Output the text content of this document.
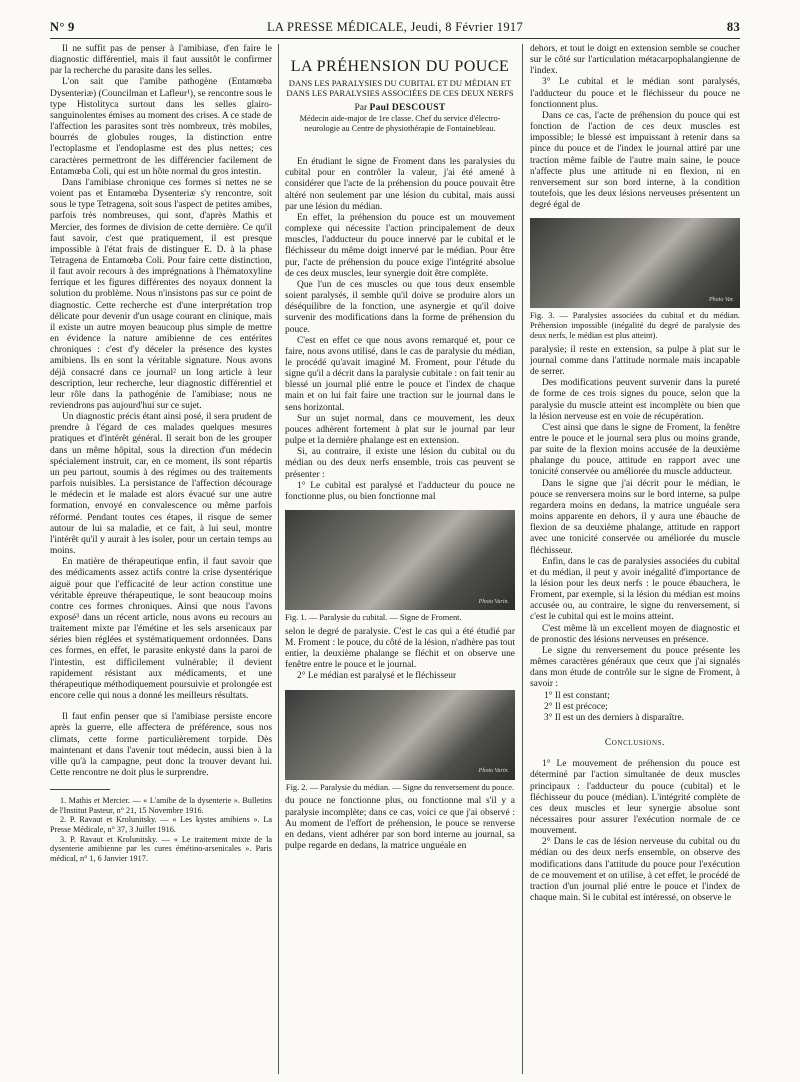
N° 9	LA PRESSE MÉDICALE, Jeudi, 8 Février 1917	83

Il ne suffit pas de penser à l'amibiase, d'en faire le diagnostic différentiel, mais il faut aussitôt le confirmer par la recherche du parasite dans les selles.

L'on sait que l'amibe pathogène (Entamœba Dysenteriæ) (Councilman et Lafleur¹), se rencontre sous le type Histolityca surtout dans les selles glairo-sanguinolentes émises au moment des crises. A ce stade de l'affection les parasites sont très nombreux, très mobiles, bourrés de globules rouges, la distinction entre l'ectoplasme et l'endoplasme est des plus nettes; ces caractères permettront de les différencier facilement de Entamœba Coli, qui est un hôte normal du gros intestin.

Dans l'amibiase chronique ces formes si nettes ne se voient pas et Entamœba Dysenteriæ s'y rencontre, soit sous le type Tetragena, soit sous l'aspect de petites amibes, parfois très nombreuses, qui sont, d'après Mathis et Mercier, des formes de division de cette dernière. Ce qu'il faut savoir, c'est que pratiquement, il est presque impossible à l'état frais de distinguer E. D. à la phase Tetragena de Entamœba Coli. Pour faire cette distinction, il faut avoir recours à des imprégnations à l'hématoxyline ferrique et les figures différentes des noyaux donnent la solution du problème. Nous n'insistons pas sur ce point de diagnostic. Cette recherche est d'une interprétation trop délicate pour devenir d'un usage courant en clinique, mais il existe un autre moyen beaucoup plus simple de mettre en évidence la nature amibienne de ces entérites chroniques : c'est d'y déceler la présence des kystes amibiens. Ils en sont la véritable signature. Nous avons déjà consacré dans ce journal² un long article à leur description, leur recherche, leur diagnostic différentiel et leur rôle dans la pathogénie de l'amibiase; nous ne reviendrons pas aujourd'hui sur ce sujet.

Un diagnostic précis étant ainsi posé, il sera prudent de prendre à l'égard de ces malades quelques mesures pratiques et d'intérêt général. Il serait bon de les grouper dans un même hôpital, sous la direction d'un médecin spécialement instruit, car, en ce moment, ils sont répartis un peu partout, soumis à des régimes ou des traitements parfois nuisibles. La persistance de l'affection décourage le médecin et le malade est alors évacué sur une autre formation, envoyé en convalescence ou même parfois réformé. Pendant toutes ces étapes, il risque de semer autour de lui sa maladie, et ce fait, à lui seul, montre l'intérêt qu'il y aurait à les isoler, pour un certain temps au moins.

En matière de thérapeutique enfin, il faut savoir que des médicaments assez actifs contre la crise dysentérique aiguë pour que l'efficacité de leur action constitue une véritable épreuve thérapeutique, le sont beaucoup moins contre ces formes chroniques. Ainsi que nous l'avons exposé³ dans un récent article, nous avons eu recours au traitement mixte par l'émétine et les sels arsenicaux par séries bien réglées et systématiquement ordonnées. Dans ces formes, en effet, le parasite enkysté dans la paroi de l'intestin, est difficilement vulnérable; il devient rapidement résistant aux médicaments, et une thérapeutique méthodiquement poursuivie et prolongée est encore celle qui nous a donné les meilleurs résultats.

Il faut enfin penser que si l'amibiase persiste encore après la guerre, elle affectera de préférence, sous nos climats, cette forme particulièrement torpide. Dès maintenant et dans l'avenir tout médecin, aussi bien à la ville qu'à la campagne, peut donc la trouver devant lui. Cette rencontre ne doit plus le surprendre.

1. Mathis et Mercier. — « L'amibe de la dysenterie ». Bulletins de l'Institut Pasteur, n° 21, 15 Novembre 1916.

2. P. Ravaut et Krolunitsky. — « Les kystes amibiens ». La Presse Médicale, n° 37, 3 Juillet 1916.

3. P. Ravaut et Krolunitsky. — « Le traitement mixte de la dysenterie amibienne par les cures émétino-arsenicales ». Paris médical, n° 1, 6 Janvier 1917.

LA PRÉHENSION DU POUCE

DANS LES PARALYSIES DU CUBITAL ET DU MÉDIAN ET DANS LES PARALYSIES ASSOCIÉES DE CES DEUX NERFS

Par Paul DESCOUST

Médecin aide-major de 1re classe. Chef du service d'électro-neurologie au Centre de physiothérapie de Fontainebleau.

En étudiant le signe de Froment dans les paralysies du cubital pour en contrôler la valeur, j'ai été amené à considérer que l'acte de la préhension du pouce pouvait être altéré non seulement par une lésion du cubital, mais aussi par une lésion du médian.

En effet, la préhension du pouce est un mouvement complexe qui nécessite l'action principalement de deux muscles, l'adducteur du pouce innervé par le cubital et le fléchisseur du même doigt innervé par le médian. Pour être pur, l'acte de préhension du pouce exige l'intégrité absolue de ces deux muscles, leur synergie doit être complète.

Que l'un de ces muscles ou que tous deux ensemble soient paralysés, il semble qu'il doive se produire alors un déséquilibre de la fonction, une asynergie et qu'il doive survenir des modifications dans la forme de préhension du pouce.

C'est en effet ce que nous avons remarqué et, pour ce faire, nous avons utilisé, dans le cas de paralysie du médian, le procédé qu'avait imaginé M. Froment, pour l'étude du signe qu'il a décrit dans la paralysie cubitale : on fait tenir au blessé un journal plié entre le pouce et l'index de chaque main et on lui fait faire une traction sur le journal dans le sens horizontal.

Sur un sujet normal, dans ce mouvement, les deux pouces adhèrent fortement à plat sur le journal par leur pulpe et la dernière phalange est en extension.

Si, au contraire, il existe une lésion du cubital ou du médian ou des deux nerfs ensemble, trois cas peuvent se présenter :

1° Le cubital est paralysé et l'adducteur du pouce ne fonctionne plus, ou bien fonctionne mal

Photo Varin.

Fig. 1. — Paralysie du cubital. — Signe de Froment.

selon le degré de paralysie. C'est le cas qui a été étudié par M. Froment : le pouce, du côté de la lésion, n'adhère pas tout entier, la deuxième phalange se fléchit et on observe une fenêtre entre le pouce et le journal.

2° Le médian est paralysé et le fléchisseur

Photo Varin.

Fig. 2. — Paralysie du médian. — Signe du renversement du pouce.

du pouce ne fonctionne plus, ou fonctionne mal s'il y a paralysie incomplète; dans ce cas, voici ce que j'ai observé : Au moment de l'effort de préhension, le pouce se renverse en dedans, vient adhérer par son bord interne au journal, sa pulpe regarde en dedans, la matrice unguéale en

dehors, et tout le doigt en extension semble se coucher sur le côté sur l'articulation métacarpophalangienne de l'index.

3° Le cubital et le médian sont paralysés, l'adducteur du pouce et le fléchisseur du pouce ne fonctionnent plus.

Dans ce cas, l'acte de préhension du pouce qui est fonction de l'action de ces deux muscles est impossible; le blessé est impuissant à retenir dans sa pince du pouce et de l'index le journal attiré par une traction même faible de l'autre main saine, le pouce n'affecte plus une attitude ni en flexion, ni en renversement sur son bord interne, à la condition toutefois, que les deux lésions nerveuses présentent un degré égal de

Photo Var.

Fig. 3. — Paralysies associées du cubital et du médian. Préhension impossible (inégalité du degré de paralysie des deux nerfs, le médian est plus atteint).

paralysie; il reste en extension, sa pulpe à plat sur le journal comme dans l'attitude normale mais incapable de serrer.

Des modifications peuvent survenir dans la pureté de forme de ces trois signes du pouce, selon que la paralysie du muscle atteint est incomplète ou bien que la lésion nerveuse est en voie de récupération.

C'est ainsi que dans le signe de Froment, la fenêtre entre le pouce et le journal sera plus ou moins grande, par suite de la flexion moins accusée de la deuxième phalange du pouce, attitude en rapport avec une tonicité conservée ou améliorée du muscle adducteur.

Dans le signe que j'ai décrit pour le médian, le pouce se renversera moins sur le bord interne, sa pulpe regardera moins en dedans, la matrice unguéale sera moins apparente en dehors, il y aura une ébauche de flexion de sa deuxième phalange, attitude en rapport avec une tonicité conservée ou améliorée du muscle fléchisseur.

Enfin, dans le cas de paralysies associées du cubital et du médian, il peut y avoir inégalité d'importance de la lésion pour les deux nerfs : le pouce ébauchera, le Froment, par exemple, si la lésion du médian est moins accusée ou, au contraire, le signe du renversement, si c'est le cubital qui est le moins atteint.

C'est même là un excellent moyen de diagnostic et de pronostic des lésions nerveuses en présence.

Le signe du renversement du pouce présente les mêmes caractères généraux que ceux que j'ai signalés dans mon étude de contrôle sur le signe de Froment, à savoir :

1° Il est constant;

2° Il est précoce;

3° Il est un des derniers à disparaître.

Conclusions.

1° Le mouvement de préhension du pouce est déterminé par l'action simultanée de deux muscles principaux : l'adducteur du pouce (cubital) et le fléchisseur du pouce (médian). L'intégrité complète de ces deux muscles et leur synergie absolue sont nécessaires pour assurer l'exécution normale de ce mouvement.

2° Dans le cas de lésion nerveuse du cubital ou du médian ou des deux nerfs ensemble, on observe des modifications dans l'attitude du pouce pour l'exécution de ce mouvement et on utilise, à cet effet, le procédé de traction d'un journal plié entre le pouce et l'index de chaque main. Si le cubital est intéressé, on observe le
